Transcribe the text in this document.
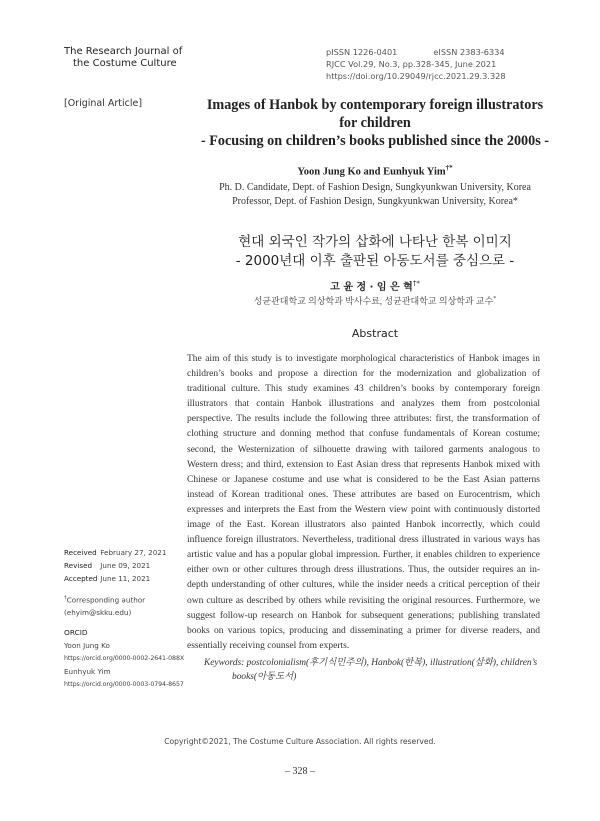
The Research Journal of
the Costume Culture
pISSN 1226-0401	eISSN 2383-6334
RJCC Vol.29, No.3, pp.328-345, June 2021
https://doi.org/10.29049/rjcc.2021.29.3.328
[Original Article]	Images of Hanbok by contemporary foreign illustrators
for children
- Focusing on children’s books published since the 2000s -
Yoon Jung Ko and Eunhyuk Yim†*
Ph. D. Candidate, Dept. of Fashion Design, Sungkyunkwan University, Korea
Professor, Dept. of Fashion Design, Sungkyunkwan University, Korea*
현대 외국인 작가의 삽화에 나타난 한복 이미지
- 2000년대 이후 출판된 아동도서를 중심으로 -
고 윤 정 · 임 은 혁†*
성균관대학교 의상학과 박사수료, 성균관대학교 의상학과 교수*
Abstract
The aim of this study is to investigate morphological characteristics of Hanbok images in children’s books and propose a direction for the modernization and globalization of traditional culture. This study examines 43 children’s books by contemporary foreign illustrators that contain Hanbok illustrations and analyzes them from postcolonial perspective. The results include the following three attributes: first, the transformation of clothing structure and donning method that confuse fundamentals of Korean costume; second, the Westernization of silhouette drawing with tailored garments analogous to Western dress; and third, extension to East Asian dress that represents Hanbok mixed with Chinese or Japanese costume and use what is considered to be the East Asian patterns instead of Korean traditional ones. These attributes are based on Eurocentrism, which expresses and interprets the East from the Western view point with continuously distorted image of the East. Korean illustrators also painted Hanbok incorrectly, which could influence foreign illustrators. Nevertheless, traditional dress illustrated in various ways has artistic value and has a popular global impression. Further, it enables children to experience either own or other cultures through dress illustrations. Thus, the outsider requires an in-depth understanding of other cultures, while the insider needs a critical perception of their own culture as described by others while revisiting the original resources. Furthermore, we suggest follow-up research on Hanbok for subsequent generations; publishing translated books on various topics, producing and disseminating a primer for diverse readers, and essentially receiving counsel from experts.
Keywords: postcolonialism(후기식민주의), Hanbok(한복), illustration(삽화), children’s
books(아동도서)
Received February 27, 2021
Revised June 09, 2021
Accepted June 11, 2021
†Corresponding author
(ehyim@skku.edu)
ORCID
Yoon Jung Ko
https://orcid.org/0000-0002-2641-088X
Eunhyuk Yim
https://orcid.org/0000-0003-0794-8657
Copyright©2021, The Costume Culture Association. All rights reserved.
– 328 –
